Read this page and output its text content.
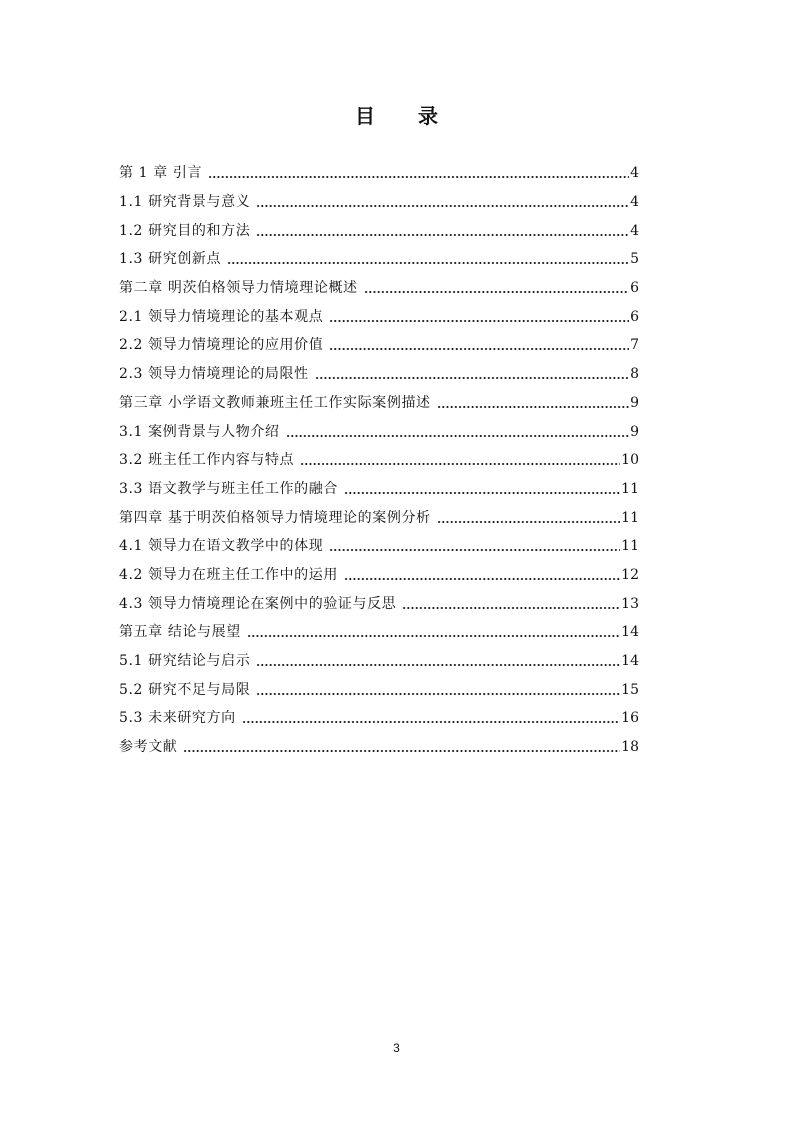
目 录
第 1 章 引言	4
1.1 研究背景与意义	4
1.2 研究目的和方法	4
1.3 研究创新点	5
第二章 明茨伯格领导力情境理论概述	6
2.1 领导力情境理论的基本观点	6
2.2 领导力情境理论的应用价值	7
2.3 领导力情境理论的局限性	8
第三章 小学语文教师兼班主任工作实际案例描述	9
3.1 案例背景与人物介绍	9
3.2 班主任工作内容与特点	10
3.3 语文教学与班主任工作的融合	11
第四章 基于明茨伯格领导力情境理论的案例分析	11
4.1 领导力在语文教学中的体现	11
4.2 领导力在班主任工作中的运用	12
4.3 领导力情境理论在案例中的验证与反思	13
第五章 结论与展望	14
5.1 研究结论与启示	14
5.2 研究不足与局限	15
5.3 未来研究方向	16
参考文献	18
3
